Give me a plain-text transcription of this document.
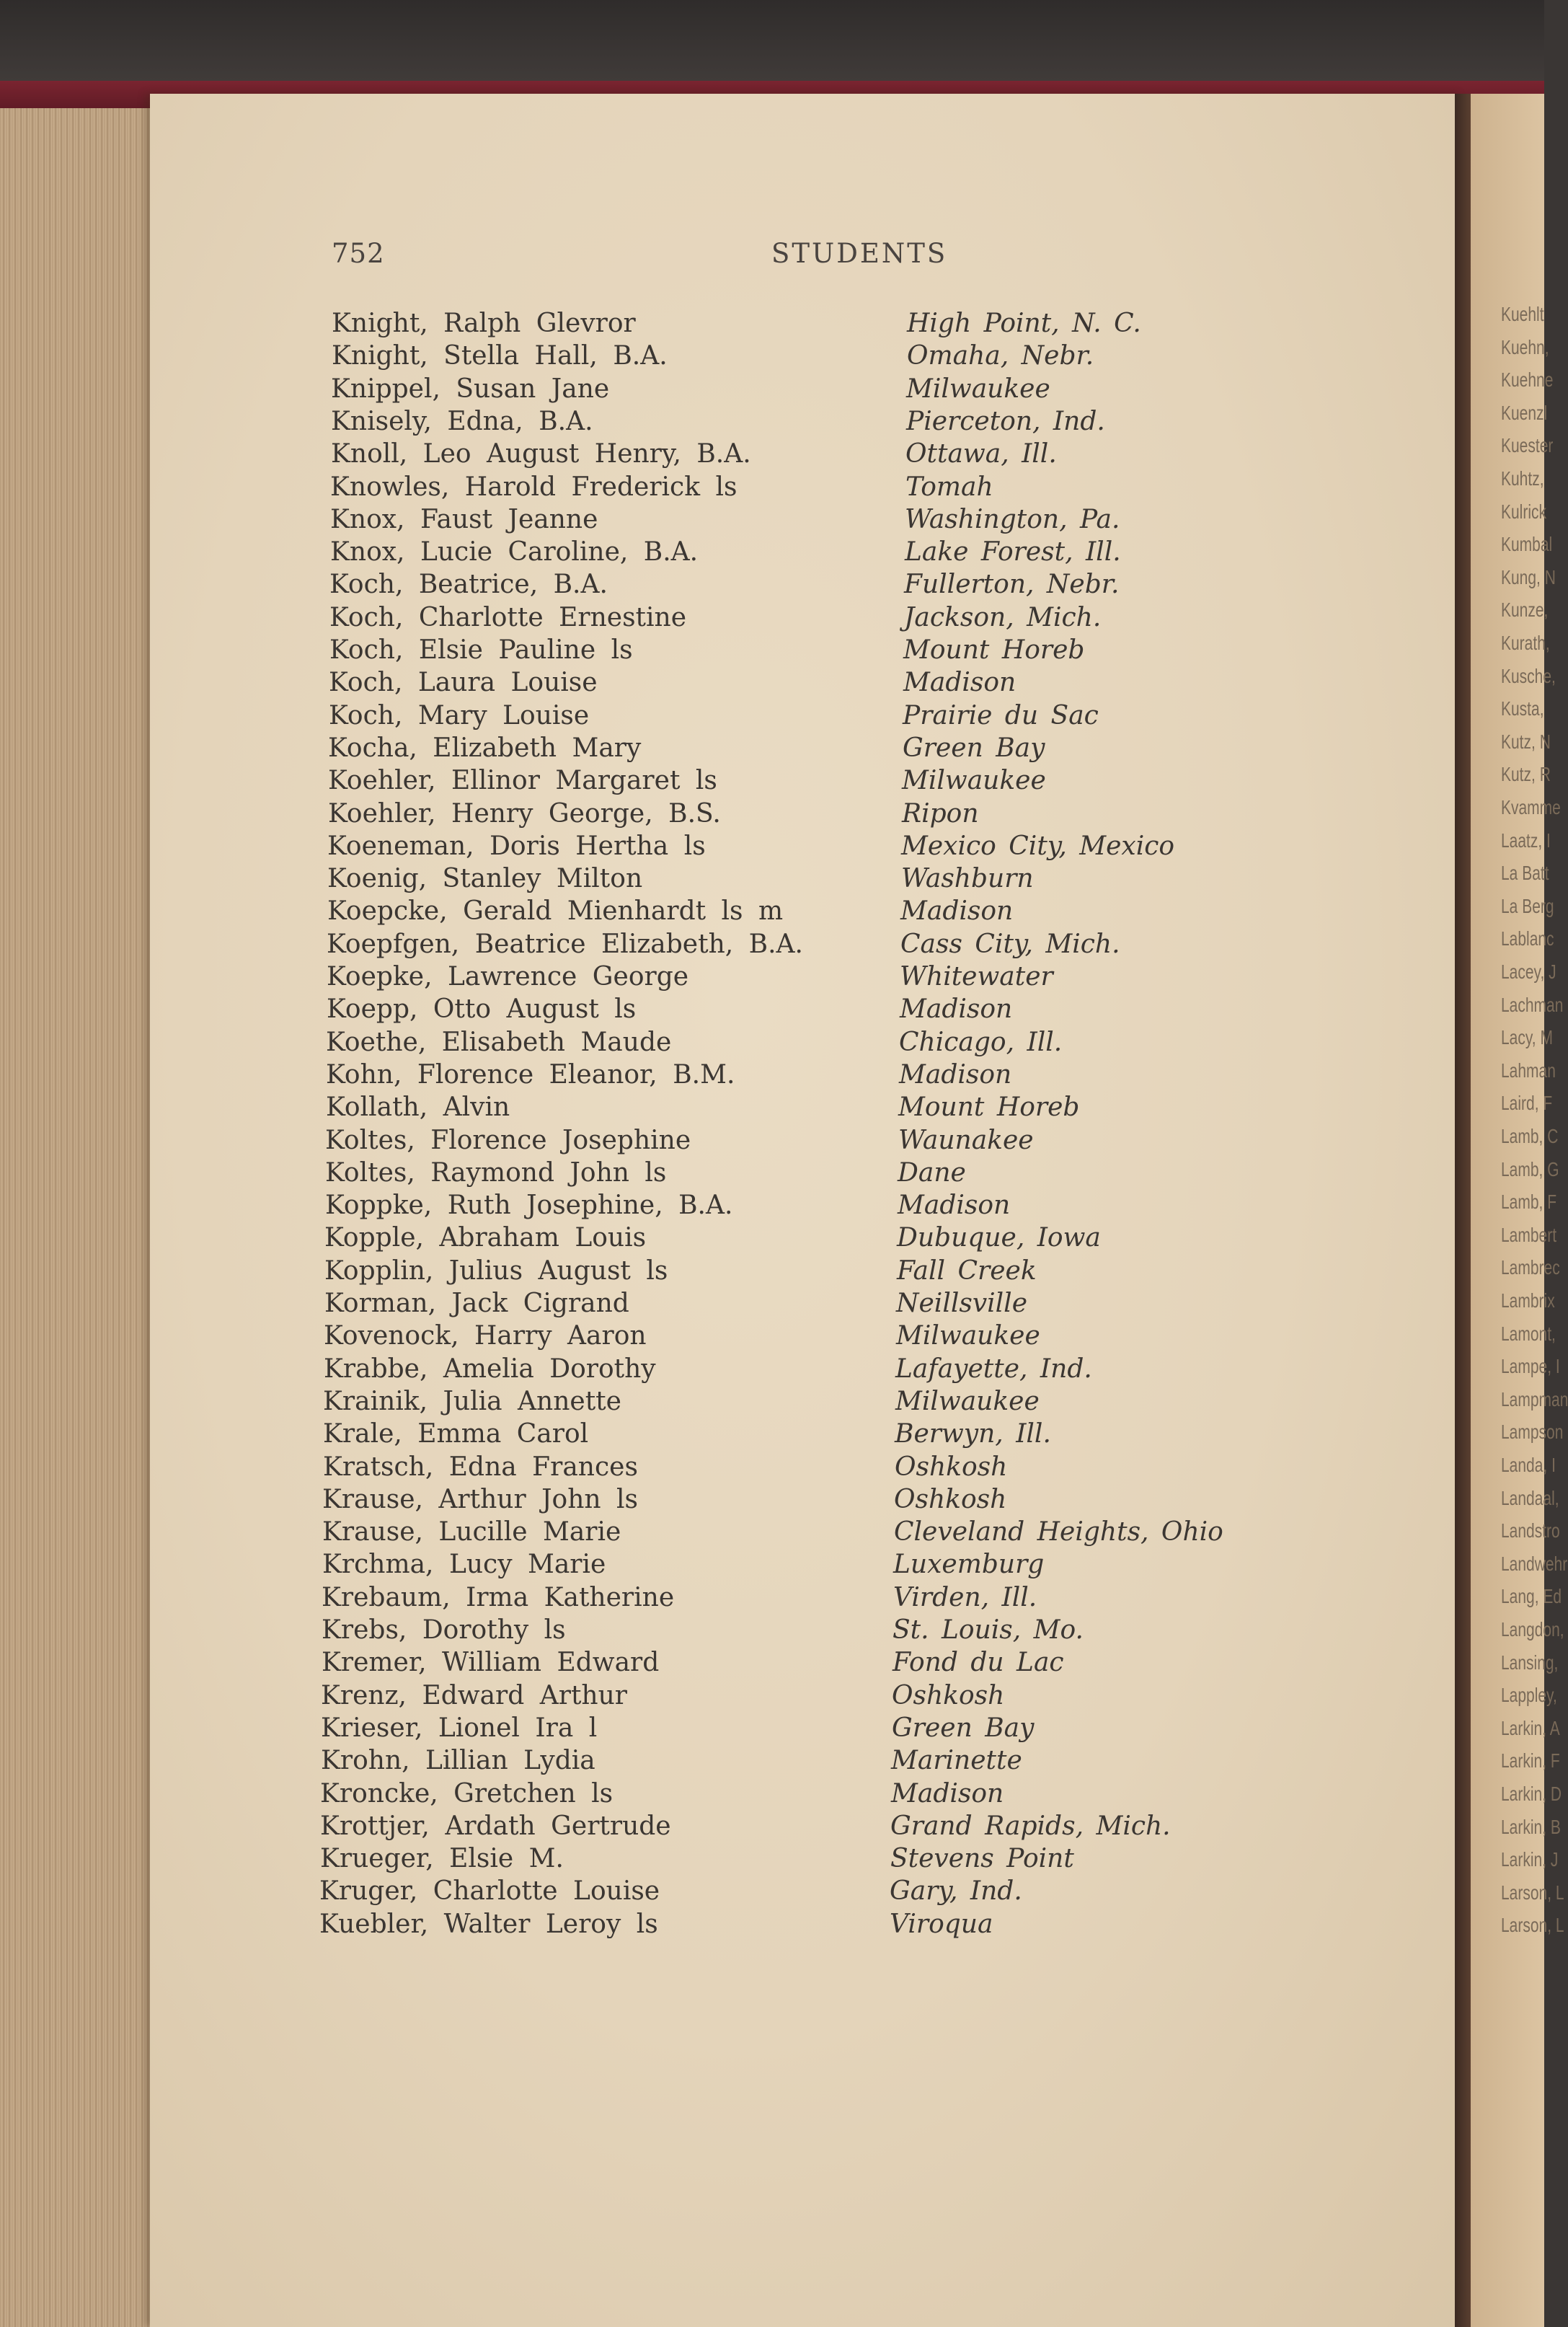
Kuehlt
Kuehn,
Kuehne
Kuenzl
Kuester
Kuhtz,
Kulrick
Kumbal
Kung, N
Kunze,
Kurath,
Kusche,
Kusta,
Kutz, N
Kutz, R
Kvamme
Laatz, I
La Batt
La Berg
Lablanc
Lacey, J
Lachman
Lacy, M
Lahman
Laird, F
Lamb, C
Lamb, G
Lamb, F
Lambert
Lambrec
Lambrix
Lamont,
Lampe, I
Lampman
Lampson
Landa, I
Landaal,
Landstro
Landwehr
Lang, Ed
Langdon,
Lansing,
Lappley,
Larkin, A
Larkin, F
Larkin, D
Larkin, B
Larkin, J
Larson, L
Larson, L
752	STUDENTS
Knight, Ralph Glevror	High Point, N. C.
Knight, Stella Hall, B.A.	Omaha, Nebr.
Knippel, Susan Jane	Milwaukee
Knisely, Edna, B.A.	Pierceton, Ind.
Knoll, Leo August Henry, B.A.	Ottawa, Ill.
Knowles, Harold Frederick ls	Tomah
Knox, Faust Jeanne	Washington, Pa.
Knox, Lucie Caroline, B.A.	Lake Forest, Ill.
Koch, Beatrice, B.A.	Fullerton, Nebr.
Koch, Charlotte Ernestine	Jackson, Mich.
Koch, Elsie Pauline ls	Mount Horeb
Koch, Laura Louise	Madison
Koch, Mary Louise	Prairie du Sac
Kocha, Elizabeth Mary	Green Bay
Koehler, Ellinor Margaret ls	Milwaukee
Koehler, Henry George, B.S.	Ripon
Koeneman, Doris Hertha ls	Mexico City, Mexico
Koenig, Stanley Milton	Washburn
Koepcke, Gerald Mienhardt ls m	Madison
Koepfgen, Beatrice Elizabeth, B.A.	Cass City, Mich.
Koepke, Lawrence George	Whitewater
Koepp, Otto August ls	Madison
Koethe, Elisabeth Maude	Chicago, Ill.
Kohn, Florence Eleanor, B.M.	Madison
Kollath, Alvin	Mount Horeb
Koltes, Florence Josephine	Waunakee
Koltes, Raymond John ls	Dane
Koppke, Ruth Josephine, B.A.	Madison
Kopple, Abraham Louis	Dubuque, Iowa
Kopplin, Julius August ls	Fall Creek
Korman, Jack Cigrand	Neillsville
Kovenock, Harry Aaron	Milwaukee
Krabbe, Amelia Dorothy	Lafayette, Ind.
Krainik, Julia Annette	Milwaukee
Krale, Emma Carol	Berwyn, Ill.
Kratsch, Edna Frances	Oshkosh
Krause, Arthur John ls	Oshkosh
Krause, Lucille Marie	Cleveland Heights, Ohio
Krchma, Lucy Marie	Luxemburg
Krebaum, Irma Katherine	Virden, Ill.
Krebs, Dorothy ls	St. Louis, Mo.
Kremer, William Edward	Fond du Lac
Krenz, Edward Arthur	Oshkosh
Krieser, Lionel Ira l	Green Bay
Krohn, Lillian Lydia	Marinette
Kroncke, Gretchen ls	Madison
Krottjer, Ardath Gertrude	Grand Rapids, Mich.
Krueger, Elsie M.	Stevens Point
Kruger, Charlotte Louise	Gary, Ind.
Kuebler, Walter Leroy ls	Viroqua
